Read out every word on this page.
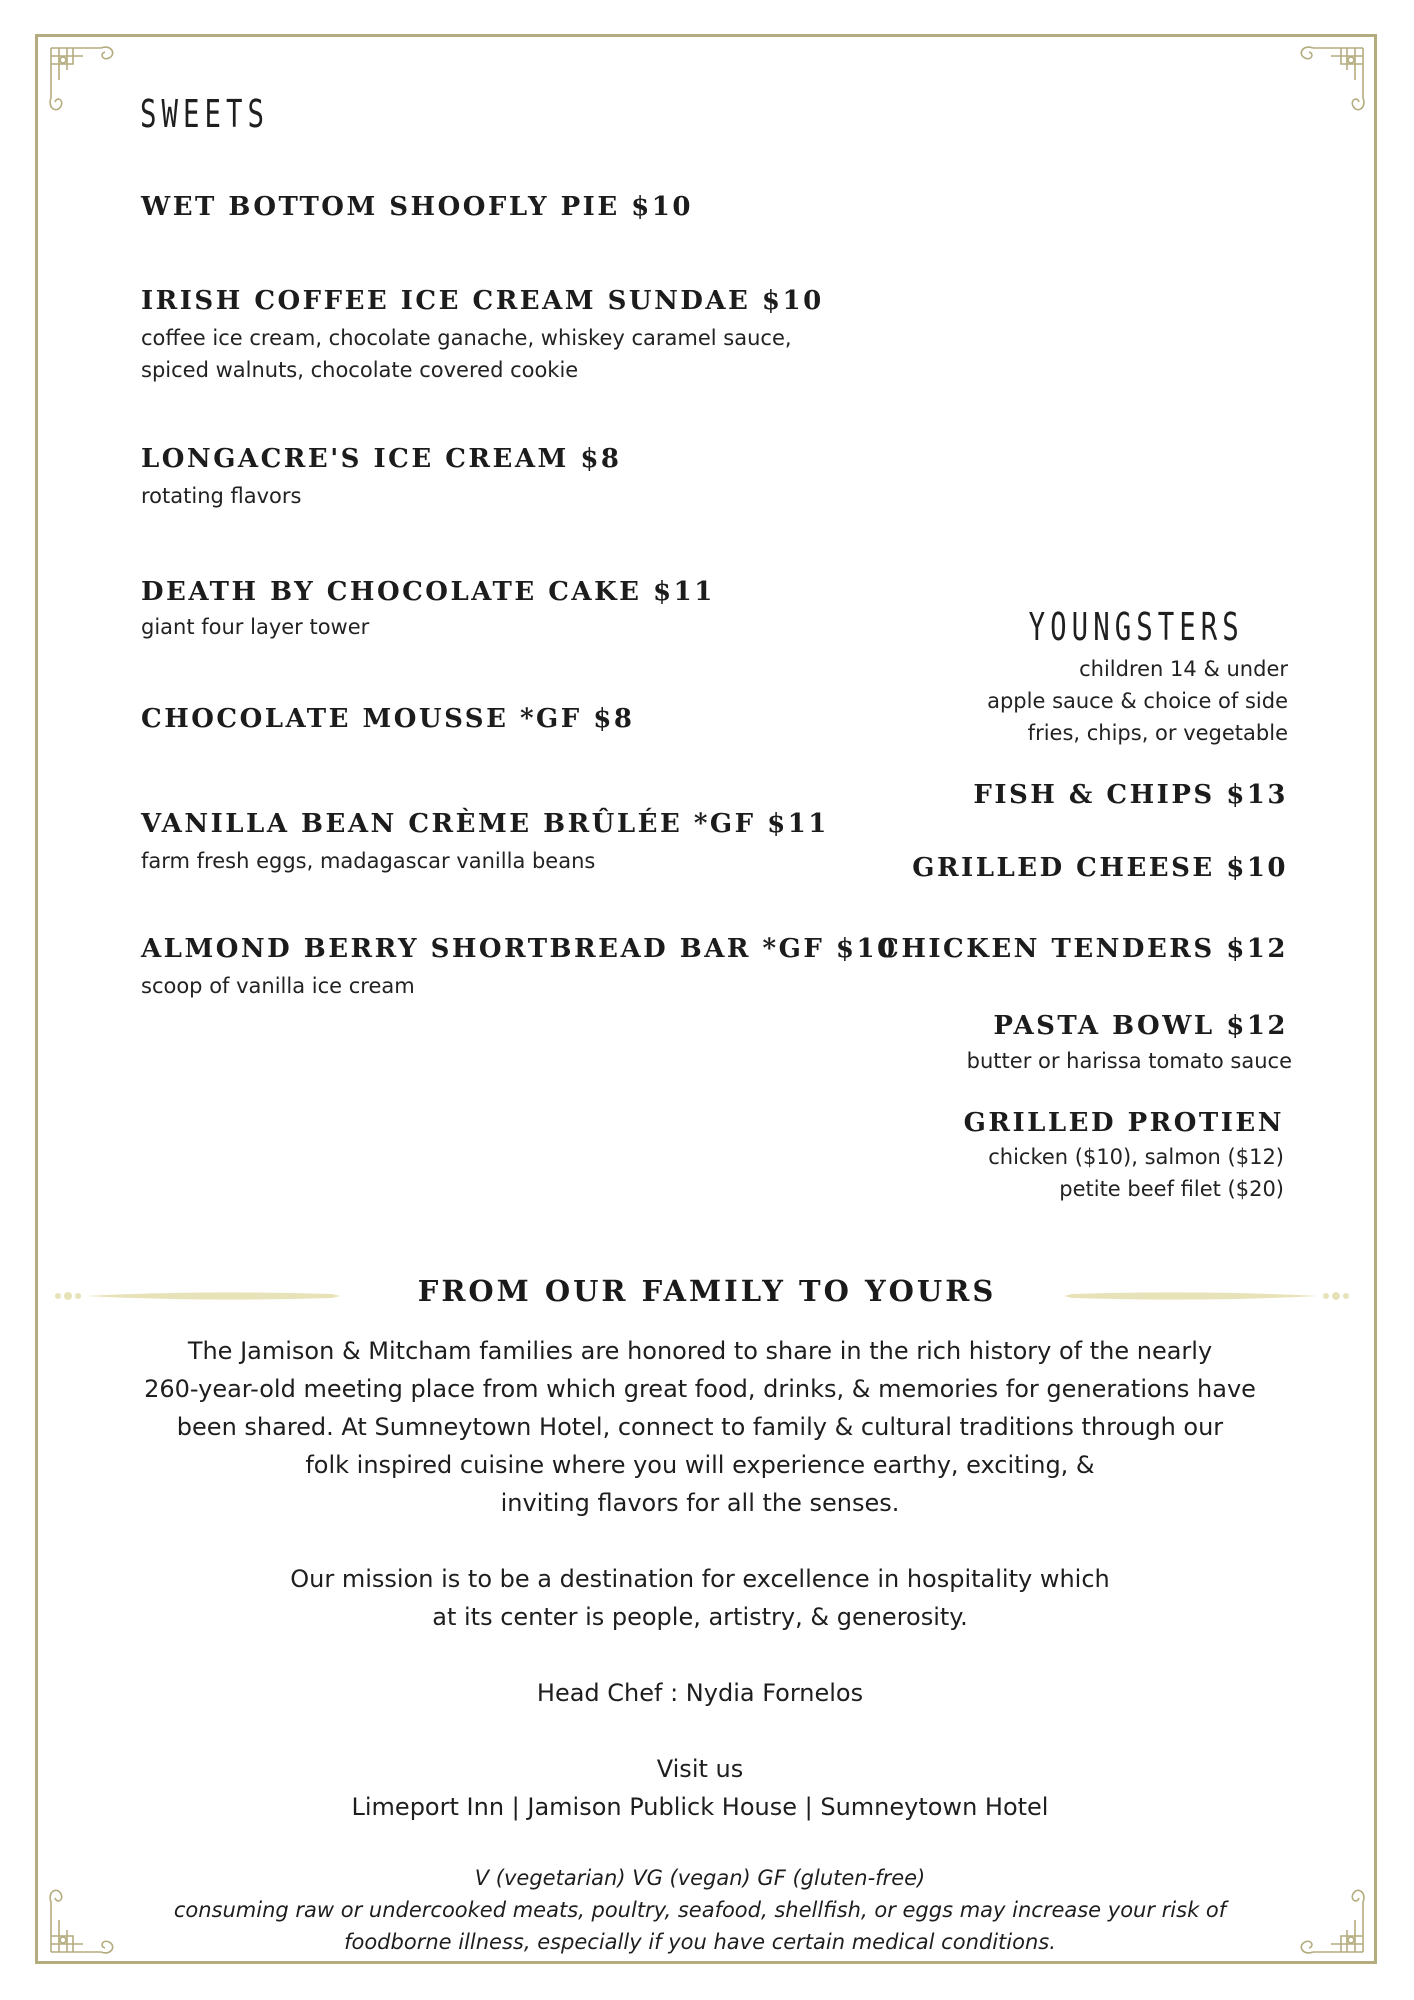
SWEETS
WET BOTTOM SHOOFLY PIE $10
IRISH COFFEE ICE CREAM SUNDAE $10
coffee ice cream, chocolate ganache, whiskey caramel sauce,
spiced walnuts, chocolate covered cookie
LONGACRE'S ICE CREAM $8
rotating flavors
DEATH BY CHOCOLATE CAKE $11
giant four layer tower
CHOCOLATE MOUSSE *GF $8
VANILLA BEAN CRÈME BRÛLÉE *GF $11
farm fresh eggs, madagascar vanilla beans
ALMOND BERRY SHORTBREAD BAR *GF $10
scoop of vanilla ice cream
YOUNGSTERS
children 14 & under
apple sauce & choice of side
fries, chips, or vegetable
FISH & CHIPS $13
GRILLED CHEESE $10
CHICKEN TENDERS $12
PASTA BOWL $12
butter or harissa tomato sauce
GRILLED PROTIEN
chicken ($10), salmon ($12)
petite beef filet ($20)
FROM OUR FAMILY TO YOURS
The Jamison & Mitcham families are honored to share in the rich history of the nearly
260-year-old meeting place from which great food, drinks, & memories for generations have
been shared. At Sumneytown Hotel, connect to family & cultural traditions through our
folk inspired cuisine where you will experience earthy, exciting, &
inviting flavors for all the senses.
Our mission is to be a destination for excellence in hospitality which
at its center is people, artistry, & generosity.
Head Chef : Nydia Fornelos
Visit us
Limeport Inn | Jamison Publick House | Sumneytown Hotel
V (vegetarian) VG (vegan) GF (gluten-free)
consuming raw or undercooked meats, poultry, seafood, shellfish, or eggs may increase your risk of
foodborne illness, especially if you have certain medical conditions.
